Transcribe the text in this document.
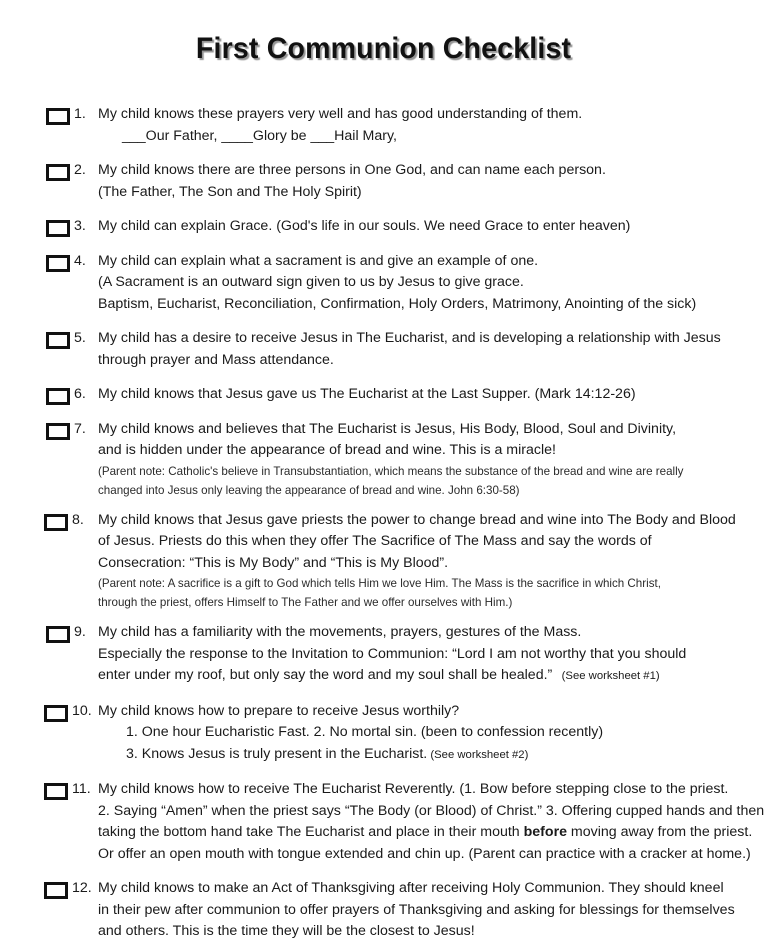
First Communion Checklist
1. My child knows these prayers very well and has good understanding of them.
___Our Father, ____Glory be ___Hail Mary,
2. My child knows there are three persons in One God, and can name each person.
(The Father, The Son and The Holy Spirit)
3. My child can explain Grace. (God's life in our souls. We need Grace to enter heaven)
4. My child can explain what a sacrament is and give an example of one.
(A Sacrament is an outward sign given to us by Jesus to give grace.
Baptism, Eucharist, Reconciliation, Confirmation, Holy Orders, Matrimony, Anointing of the sick)
5. My child has a desire to receive Jesus in The Eucharist, and is developing a relationship with Jesus
through prayer and Mass attendance.
6. My child knows that Jesus gave us The Eucharist at the Last Supper. (Mark 14:12-26)
7. My child knows and believes that The Eucharist is Jesus, His Body, Blood, Soul and Divinity,
and is hidden under the appearance of bread and wine. This is a miracle!
(Parent note: Catholic's believe in Transubstantiation, which means the substance of the bread and wine are really
changed into Jesus only leaving the appearance of bread and wine. John 6:30-58)
8. My child knows that Jesus gave priests the power to change bread and wine into The Body and Blood
of Jesus. Priests do this when they offer The Sacrifice of The Mass and say the words of
Consecration: “This is My Body” and “This is My Blood”.
(Parent note: A sacrifice is a gift to God which tells Him we love Him. The Mass is the sacrifice in which Christ,
through the priest, offers Himself to The Father and we offer ourselves with Him.)
9. My child has a familiarity with the movements, prayers, gestures of the Mass.
Especially the response to the Invitation to Communion: “Lord I am not worthy that you should
enter under my roof, but only say the word and my soul shall be healed.” (See worksheet #1)
10. My child knows how to prepare to receive Jesus worthily?
1. One hour Eucharistic Fast. 2. No mortal sin. (been to confession recently)
3. Knows Jesus is truly present in the Eucharist. (See worksheet #2)
11. My child knows how to receive The Eucharist Reverently. (1. Bow before stepping close to the priest.
2. Saying “Amen” when the priest says “The Body (or Blood) of Christ.” 3. Offering cupped hands and then
taking the bottom hand take The Eucharist and place in their mouth before moving away from the priest.
Or offer an open mouth with tongue extended and chin up. (Parent can practice with a cracker at home.)
12. My child knows to make an Act of Thanksgiving after receiving Holy Communion. They should kneel
in their pew after communion to offer prayers of Thanksgiving and asking for blessings for themselves
and others. This is the time they will be the closest to Jesus!
